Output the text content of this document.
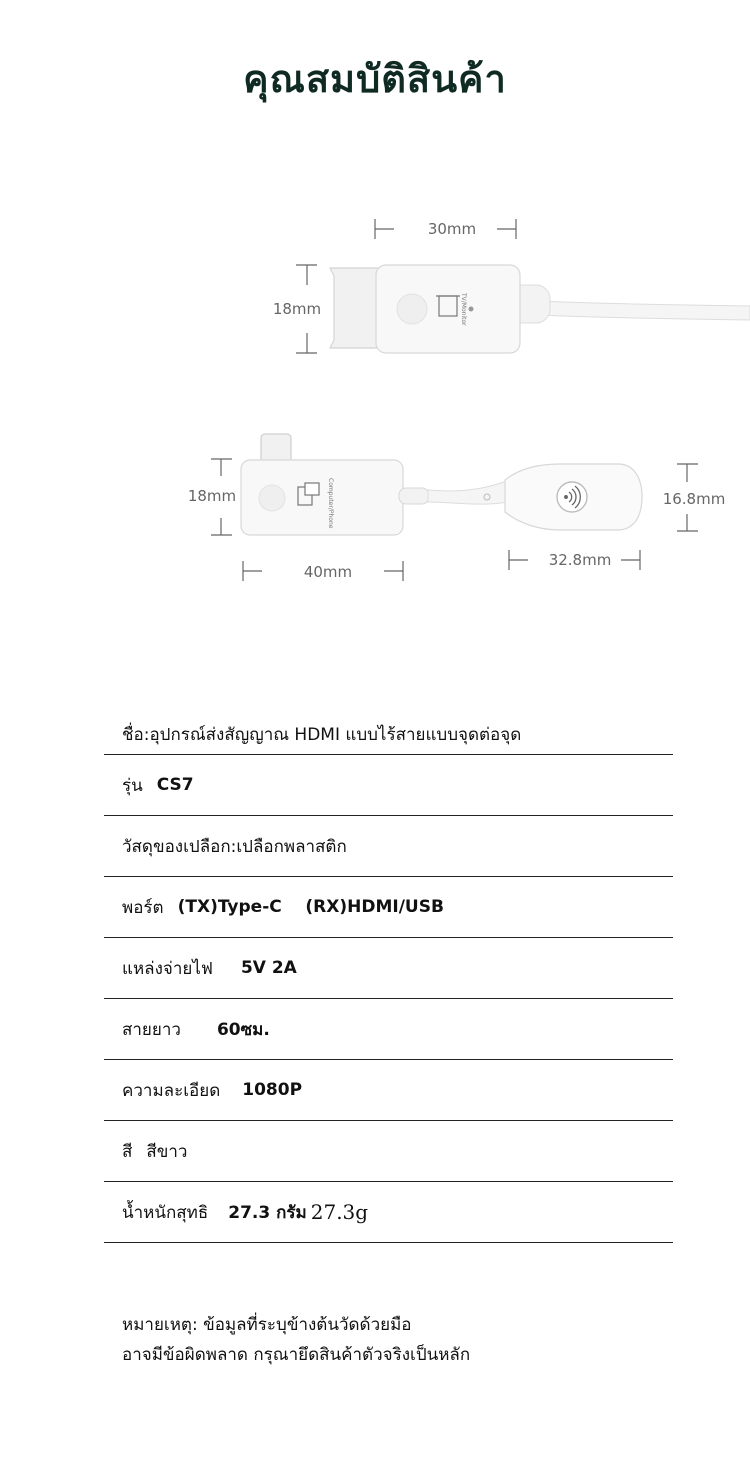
คุณสมบัติสินค้า
TV/Monitor
30mm
18mm
Computer/Phone
18mm
40mm
32.8mm
16.8mm
ชื่อ:อุปกรณ์ส่งสัญญาณ HDMI แบบไร้สายแบบจุดต่อจุด
รุ่น CS7
วัสดุของเปลือก:เปลือกพลาสติก
พอร์ต (TX)Type-C    (RX)HDMI/USB
แหล่งจ่ายไฟ 5V 2A
สายยาว 60ซม.
ความละเอียด 1080P
สี สีขาว
น้ำหนักสุทธิ 27.3 กรัม 27.3g
หมายเหตุ: ข้อมูลที่ระบุข้างต้นวัดด้วยมือ
อาจมีข้อผิดพลาด กรุณายึดสินค้าตัวจริงเป็นหลัก
